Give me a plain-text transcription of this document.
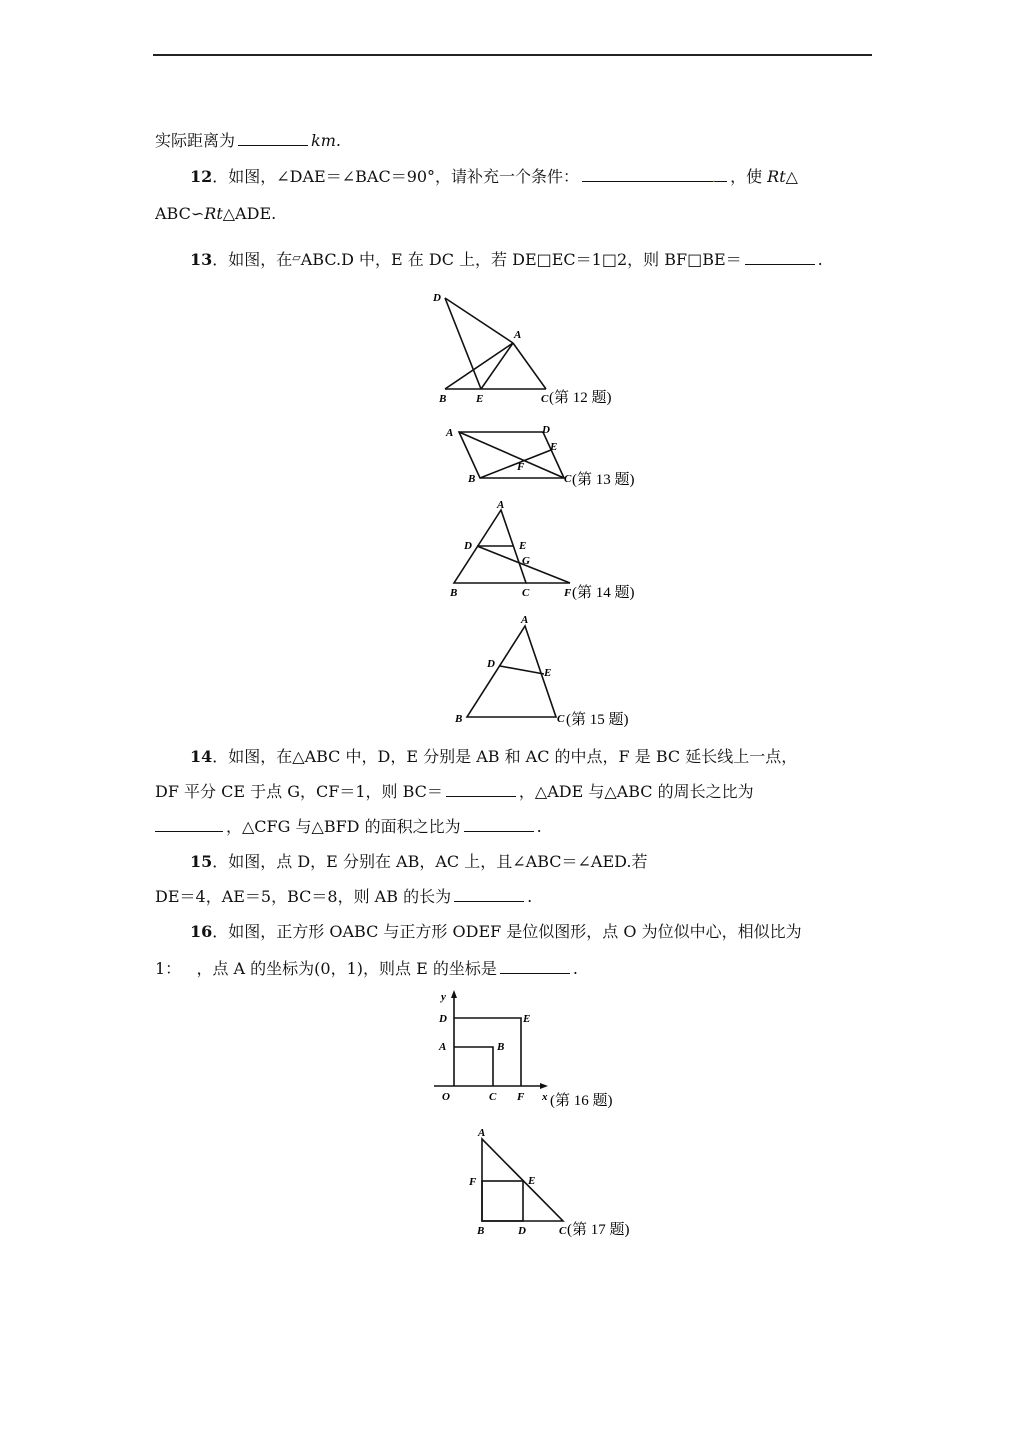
实际距离为	km.
12．如图，∠DAE＝∠BAC＝90°，请补充一个条件：	. ，使 Rt△
ABC∽Rt△ADE.
13．如图，在▱ABC.D 中，E 在 DC 上，若 DE□EC＝1□2，则 BF□BE＝	.
D
A
B	E	C (第 12 题)
A	D
E
F
B	C (第 13 题)
A
D	E
G
B	C	F (第 14 题)
A
D
E
B	C (第 15 题)
14．如图，在△ABC 中，D，E 分别是 AB 和 AC 的中点，F 是 BC 延长线上一点，
DF 平分 CE 于点 G，CF＝1，则 BC＝	，△ADE 与△ABC 的周长之比为
，△CFG 与△BFD 的面积之比为	.
15．如图，点 D，E 分别在 AB，AC 上，且∠ABC＝∠AED.若
DE＝4，AE＝5，BC＝8，则 AB 的长为	.
16．如图，正方形 OABC 与正方形 ODEF 是位似图形，点 O 为位似中心，相似比为
1：   ，点 A 的坐标为(0，1)，则点 E 的坐标是	.
y
D	E
A	B
O	C F x (第 16 题)
A
F	E
B	D	C (第 17 题)
